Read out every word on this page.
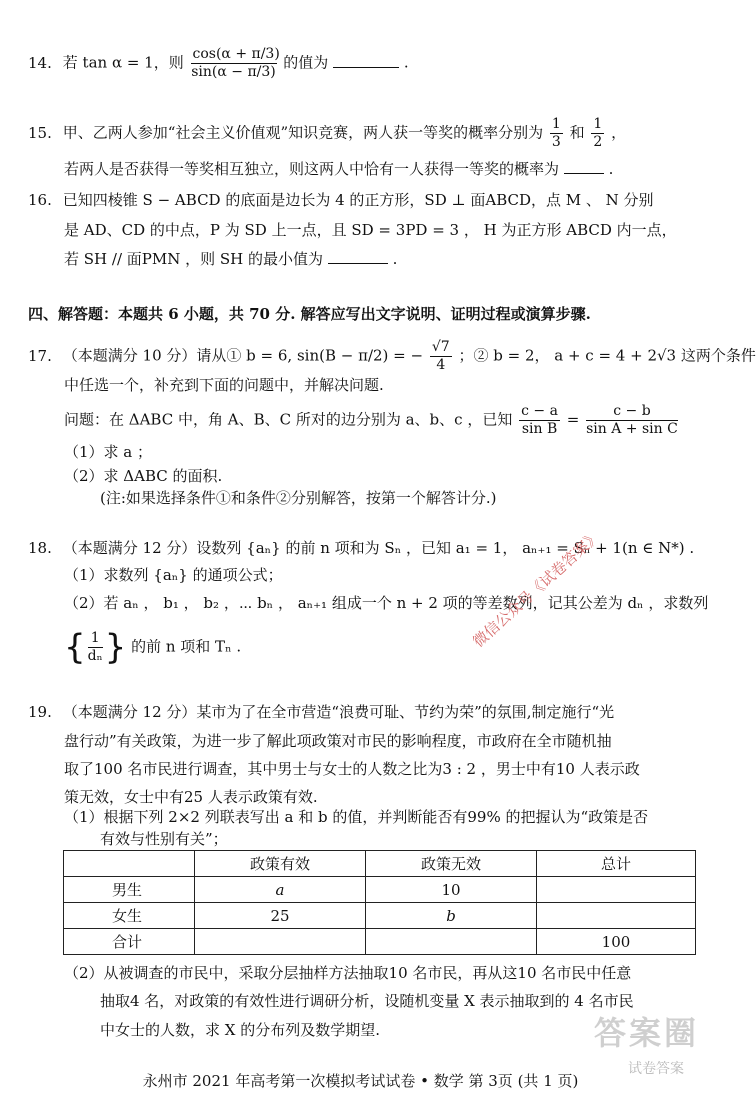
14. 若 tan α = 1，则 $\frac{\cos(\alpha + \pi/3)}{\sin(\alpha - \pi/3)}$ 的值为	.
15. 甲、乙两人参加“社会主义价值观”知识竞赛，两人获一等奖的概率分别为 $\frac{1}{3}$ 和 $\frac{1}{2}$ ，
若两人是否获得一等奖相互独立，则这两人中恰有一人获得一等奖的概率为	.
16. 已知四棱锥 S − ABCD 的底面是边长为 4 的正方形，SD ⊥ 面ABCD，点 M 、 N 分别
是 AD、CD 的中点，P 为 SD 上一点，且 SD = 3PD = 3 ， H 为正方形 ABCD 内一点，
若 SH // 面PMN ，则 SH 的最小值为	.
四、解答题：本题共 6 小题，共 70 分. 解答应写出文字说明、证明过程或演算步骤.
17. （本题满分 10 分）请从① b = 6, sin(B − π/2) = − $\frac{√7}{4}$ ；② b = 2， a + c = 4 + 2√3 这两个条件
中任选一个，补充到下面的问题中，并解决问题.
问题：在 ΔABC 中，角 A、B、C 所对的边分别为 a、b、c ，已知 $\frac{c - a}{\text{sin B}} = \frac{c - b}{\text{sin A + sin C}}$
（1）求 a ；
（2）求 ΔABC 的面积.
(注:如果选择条件①和条件②分别解答，按第一个解答计分.)
18. （本题满分 12 分）设数列 {aₙ} 的前 n 项和为 Sₙ ，已知 a₁ = 1， aₙ₊₁ = Sₙ + 1(n ∈ N*) .
（1）求数列 {aₙ} 的通项公式；
（2）若 aₙ ， b₁ ， b₂ ，⋯ bₙ ， aₙ₊₁ 组成一个 n + 2 项的等差数列，记其公差为 dₙ ，求数列
{ $\frac{1}{\text{dₙ}}$ } 的前 n 项和 Tₙ .
19. （本题满分 12 分）某市为了在全市营造“浪费可耻、节约为荣”的氛围,制定施行“光
盘行动”有关政策，为进一步了解此项政策对市民的影响程度，市政府在全市随机抽
取了100 名市民进行调查，其中男士与女士的人数之比为3 : 2 ，男士中有10 人表示政
策无效，女士中有25 人表示政策有效.
（1）根据下列 2×2 列联表写出 a 和 b 的值，并判断能否有99% 的把握认为“政策是否
有效与性别有关”；
	政策有效	政策无效	总计
男生	a	10	
女生	25	b	
合计			100
（2）从被调查的市民中，采取分层抽样方法抽取10 名市民，再从这10 名市民中任意
抽取4 名，对政策的有效性进行调研分析，设随机变量 X 表示抽取到的 4 名市民
中女士的人数，求 X 的分布列及数学期望.
微信公众号《试卷答案》
答案圈
试卷答案
永州市 2021 年高考第一次模拟考试试卷 • 数学 第 3页 (共 1 页)
